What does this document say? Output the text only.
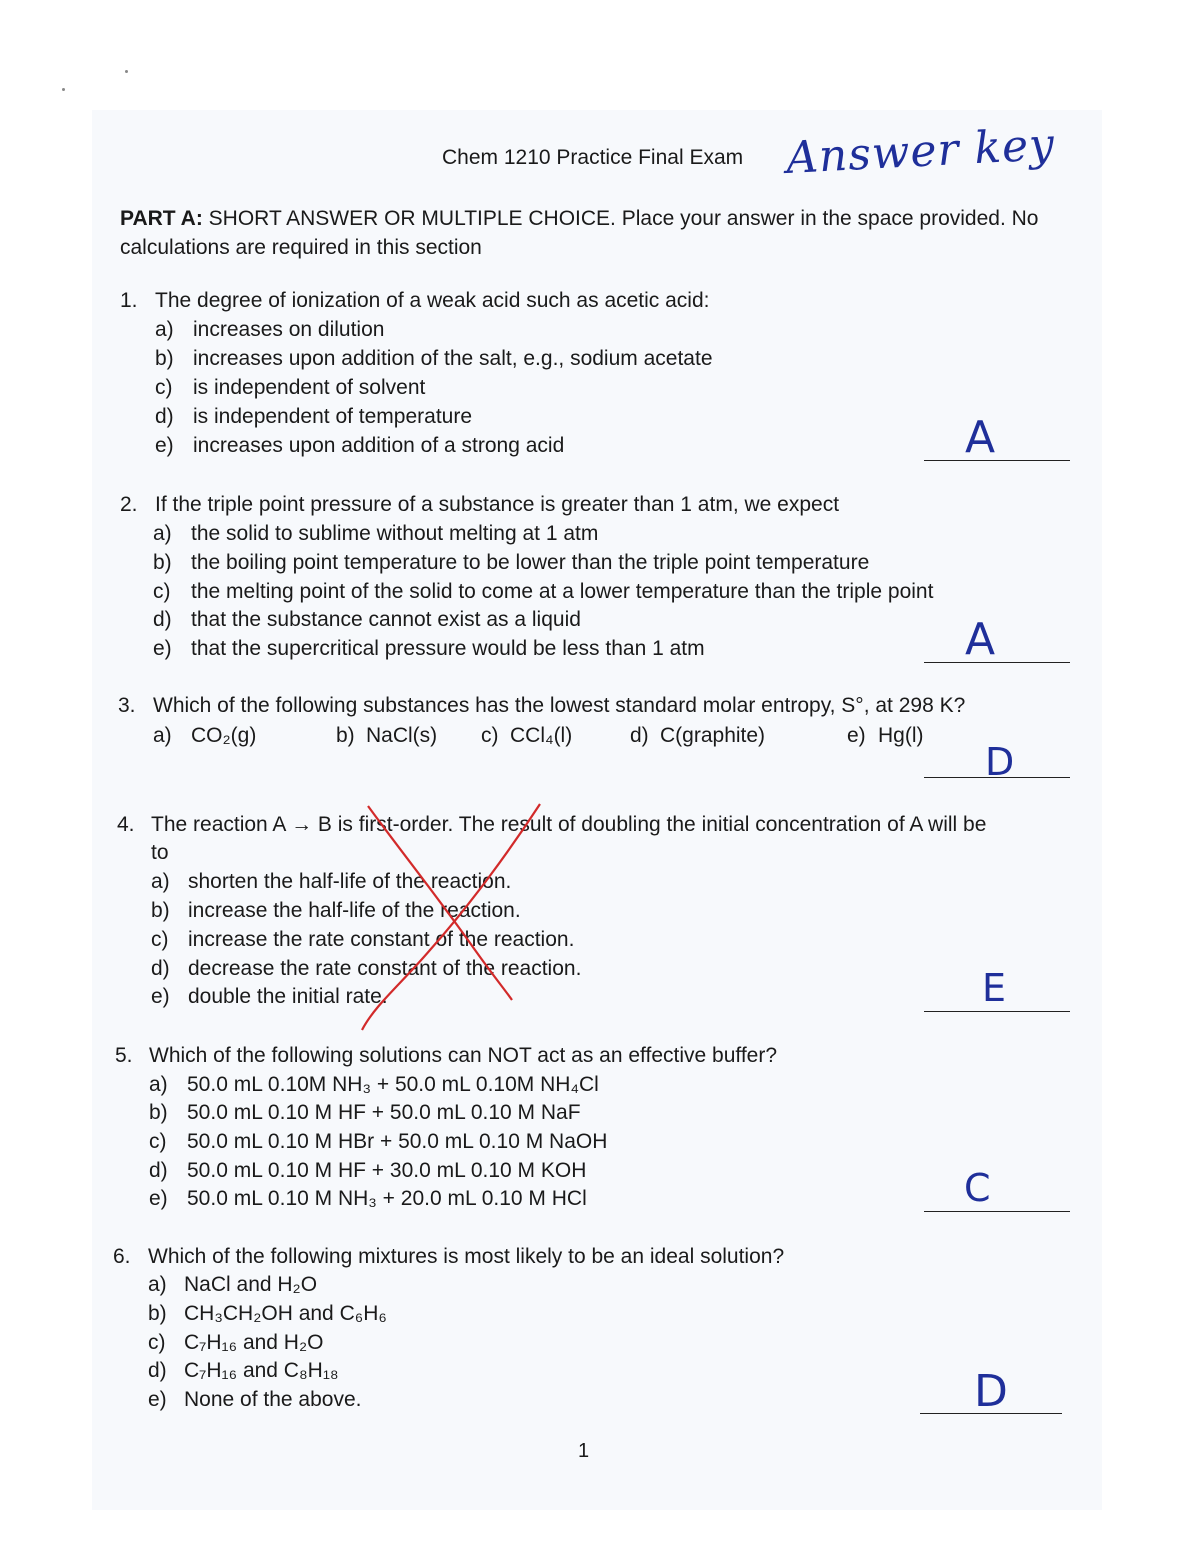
Chem 1210 Practice Final Exam Answer key
PART A: SHORT ANSWER OR MULTIPLE CHOICE. Place your answer in the space provided. No calculations are required in this section
1. The degree of ionization of a weak acid such as acetic acid:
a) increases on dilution
b) increases upon addition of the salt, e.g., sodium acetate
c) is independent of solvent
d) is independent of temperature
e) increases upon addition of a strong acid	A
2. If the triple point pressure of a substance is greater than 1 atm, we expect
a) the solid to sublime without melting at 1 atm
b) the boiling point temperature to be lower than the triple point temperature
c) the melting point of the solid to come at a lower temperature than the triple point
d) that the substance cannot exist as a liquid
e) that the supercritical pressure would be less than 1 atm	A
3. Which of the following substances has the lowest standard molar entropy, S°, at 298 K?
a) CO₂(g)	b) NaCl(s) c) CCl₄(l)	d) C(graphite)	e) Hg(l)
D
4. The reaction A → B is first-order. The result of doubling the initial concentration of A will be
to
a) shorten the half-life of the reaction.
b) increase the half-life of the reaction.
c) increase the rate constant of the reaction.
d) decrease the rate constant of the reaction.
e) double the initial rate.	E
5. Which of the following solutions can NOT act as an effective buffer?
a) 50.0 mL 0.10M NH₃ + 50.0 mL 0.10M NH₄Cl
b) 50.0 mL 0.10 M HF + 50.0 mL 0.10 M NaF
c) 50.0 mL 0.10 M HBr + 50.0 mL 0.10 M NaOH
d) 50.0 mL 0.10 M HF + 30.0 mL 0.10 M KOH
e) 50.0 mL 0.10 M NH₃ + 20.0 mL 0.10 M HCl	C
6. Which of the following mixtures is most likely to be an ideal solution?
a) NaCl and H₂O
b) CH₃CH₂OH and C₆H₆
c) C₇H₁₆ and H₂O
d) C₇H₁₆ and C₈H₁₈
e) None of the above.	D
1
